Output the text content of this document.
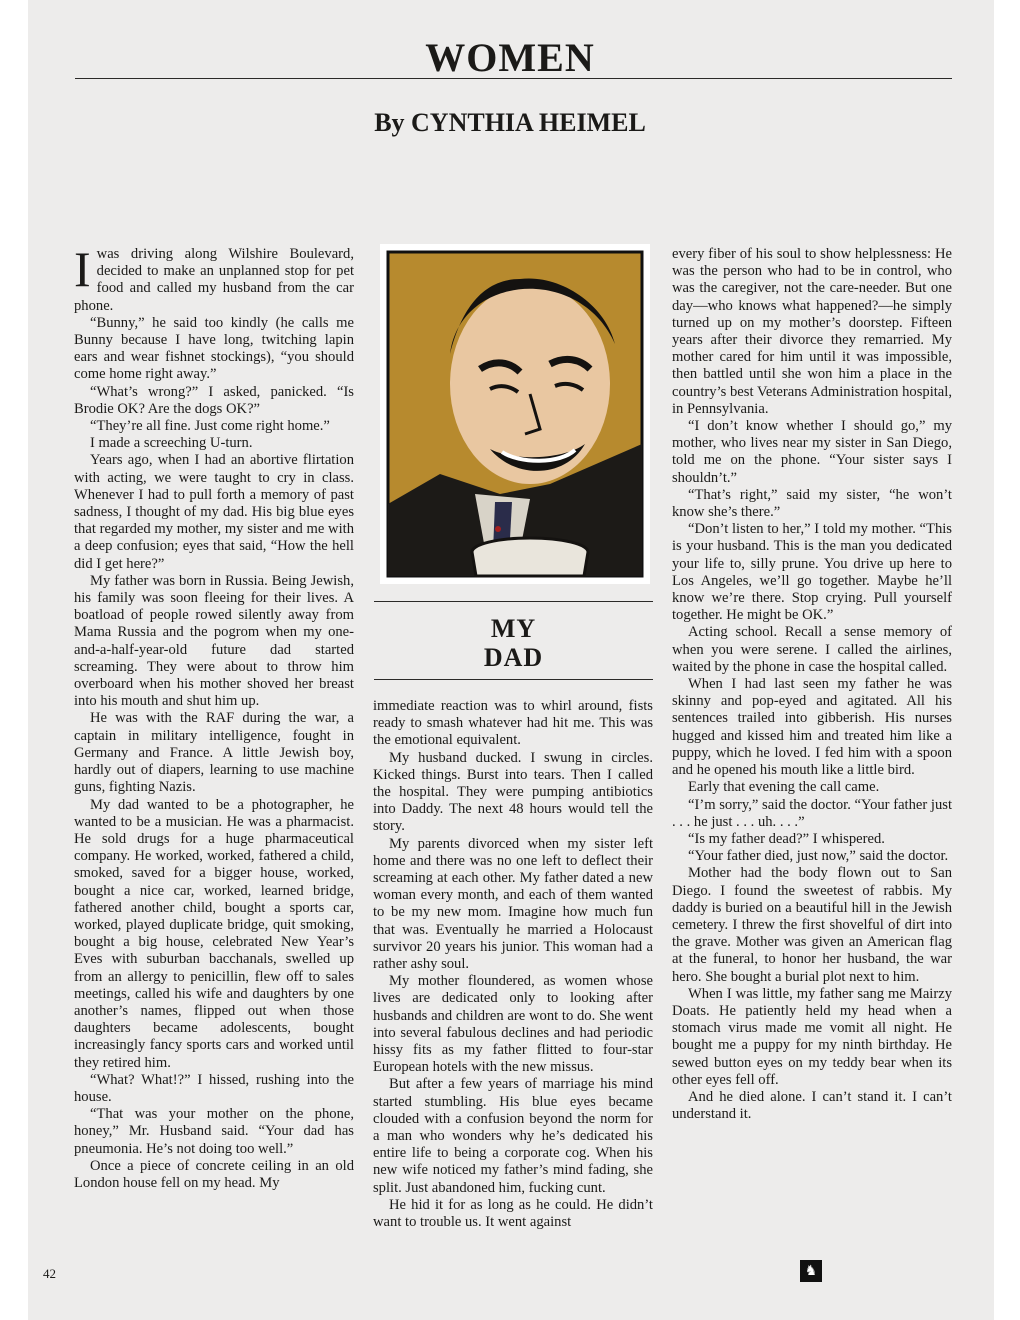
WOMEN
By CYNTHIA HEIMEL

Iwas driving along Wilshire Boulevard, decided to make an unplanned stop for pet food and called my husband from the car phone.

“Bunny,” he said too kindly (he calls me Bunny because I have long, twitching lapin ears and wear fishnet stockings), “you should come home right away.”

“What’s wrong?” I asked, panicked. “Is Brodie OK? Are the dogs OK?”

“They’re all fine. Just come right home.”

I made a screeching U-turn.

Years ago, when I had an abortive flirtation with acting, we were taught to cry in class. Whenever I had to pull forth a memory of past sadness, I thought of my dad. His big blue eyes that regarded my mother, my sister and me with a deep confusion; eyes that said, “How the hell did I get here?”

My father was born in Russia. Being Jewish, his family was soon fleeing for their lives. A boatload of people rowed silently away from Mama Russia and the pogrom when my one-and-a-half-year-old future dad started screaming. They were about to throw him overboard when his mother shoved her breast into his mouth and shut him up.

He was with the RAF during the war, a captain in military intelligence, fought in Germany and France. A little Jewish boy, hardly out of diapers, learning to use machine guns, fighting Nazis.

My dad wanted to be a photographer, he wanted to be a musician. He was a pharmacist. He sold drugs for a huge pharmaceutical company. He worked, worked, fathered a child, smoked, saved for a bigger house, worked, bought a nice car, worked, learned bridge, fathered another child, bought a sports car, worked, played duplicate bridge, quit smoking, bought a big house, celebrated New Year’s Eves with suburban bacchanals, swelled up from an allergy to penicillin, flew off to sales meetings, called his wife and daughters by one another’s names, flipped out when those daughters became adolescents, bought increasingly fancy sports cars and worked until they retired him.

“What? What!?” I hissed, rushing into the house.

“That was your mother on the phone, honey,” Mr. Husband said. “Your dad has pneumonia. He’s not doing too well.”

Once a piece of concrete ceiling in an old London house fell on my head. My

MY
DAD

immediate reaction was to whirl around, fists ready to smash whatever had hit me. This was the emotional equivalent.

My husband ducked. I swung in circles. Kicked things. Burst into tears. Then I called the hospital. They were pumping antibiotics into Daddy. The next 48 hours would tell the story.

My parents divorced when my sister left home and there was no one left to deflect their screaming at each other. My father dated a new woman every month, and each of them wanted to be my new mom. Imagine how much fun that was. Eventually he married a Holocaust survivor 20 years his junior. This woman had a rather ashy soul.

My mother floundered, as women whose lives are dedicated only to looking after husbands and children are wont to do. She went into several fabulous declines and had periodic hissy fits as my father flitted to four-star European hotels with the new missus.

But after a few years of marriage his mind started stumbling. His blue eyes became clouded with a confusion beyond the norm for a man who wonders why he’s dedicated his entire life to being a corporate cog. When his new wife noticed my father’s mind fading, she split. Just abandoned him, fucking cunt.

He hid it for as long as he could. He didn’t want to trouble us. It went against

every fiber of his soul to show helplessness: He was the person who had to be in control, who was the caregiver, not the care-needer. But one day—who knows what happened?—he simply turned up on my mother’s doorstep. Fifteen years after their divorce they remarried. My mother cared for him until it was impossible, then battled until she won him a place in the country’s best Veterans Administration hospital, in Pennsylvania.

“I don’t know whether I should go,” my mother, who lives near my sister in San Diego, told me on the phone. “Your sister says I shouldn’t.”

“That’s right,” said my sister, “he won’t know she’s there.”

“Don’t listen to her,” I told my mother. “This is your husband. This is the man you dedicated your life to, silly prune. You drive up here to Los Angeles, we’ll go together. Maybe he’ll know we’re there. Stop crying. Pull yourself together. He might be OK.”

Acting school. Recall a sense memory of when you were serene. I called the airlines, waited by the phone in case the hospital called.

When I had last seen my father he was skinny and pop-eyed and agitated. All his sentences trailed into gibberish. His nurses hugged and kissed him and treated him like a puppy, which he loved. I fed him with a spoon and he opened his mouth like a little bird.

Early that evening the call came.

“I’m sorry,” said the doctor. “Your father just . . . he just . . . uh. . . .”

“Is my father dead?” I whispered.

“Your father died, just now,” said the doctor.

Mother had the body flown out to San Diego. I found the sweetest of rabbis. My daddy is buried on a beautiful hill in the Jewish cemetery. I threw the first shovelful of dirt into the grave. Mother was given an American flag at the funeral, to honor her husband, the war hero. She bought a burial plot next to him.

When I was little, my father sang me Mairzy Doats. He patiently held my head when a stomach virus made me vomit all night. He bought me a puppy for my ninth birthday. He sewed button eyes on my teddy bear when its other eyes fell off.

And he died alone. I can’t stand it. I can’t understand it.

42	♞
